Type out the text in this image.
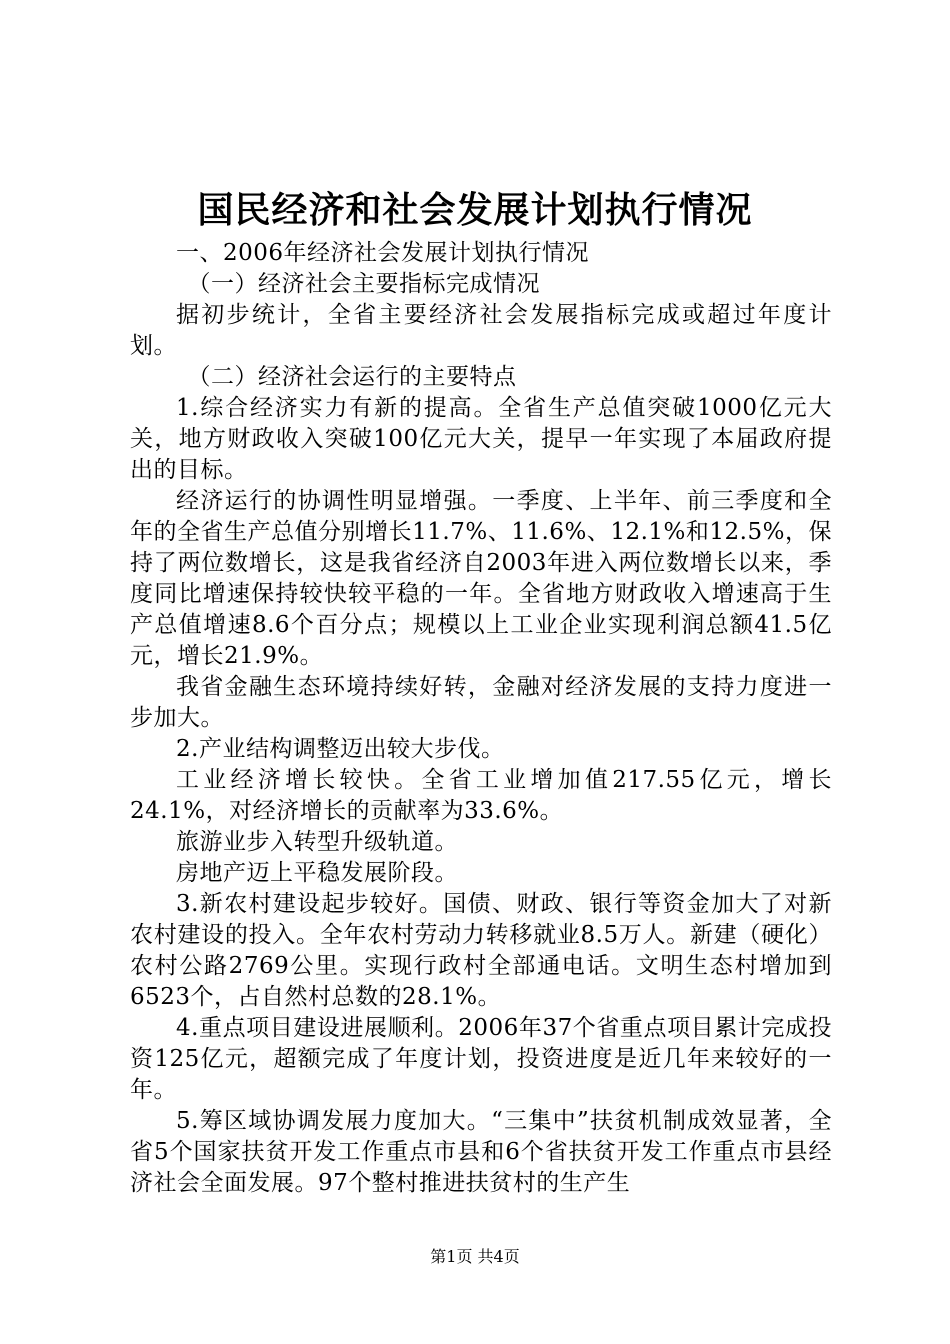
国民经济和社会发展计划执行情况

一、2006年经济社会发展计划执行情况

（一）经济社会主要指标完成情况

据初步统计，全省主要经济社会发展指标完成或超过年度计划。

（二）经济社会运行的主要特点

1.综合经济实力有新的提高。全省生产总值突破1000亿元大关，地方财政收入突破100亿元大关，提早一年实现了本届政府提出的目标。

经济运行的协调性明显增强。一季度、上半年、前三季度和全年的全省生产总值分别增长11.7%、11.6%、12.1%和12.5%，保持了两位数增长，这是我省经济自2003年进入两位数增长以来，季度同比增速保持较快较平稳的一年。全省地方财政收入增速高于生产总值增速8.6个百分点；规模以上工业企业实现利润总额41.5亿元，增长21.9%。

我省金融生态环境持续好转，金融对经济发展的支持力度进一步加大。

2.产业结构调整迈出较大步伐。

工业经济增长较快。全省工业增加值217.55亿元，增长24.1%，对经济增长的贡献率为33.6%。

旅游业步入转型升级轨道。

房地产迈上平稳发展阶段。

3.新农村建设起步较好。国债、财政、银行等资金加大了对新农村建设的投入。全年农村劳动力转移就业8.5万人。新建（硬化）农村公路2769公里。实现行政村全部通电话。文明生态村增加到6523个，占自然村总数的28.1%。

4.重点项目建设进展顺利。2006年37个省重点项目累计完成投资125亿元，超额完成了年度计划，投资进度是近几年来较好的一年。

5.筹区域协调发展力度加大。“三集中”扶贫机制成效显著，全省5个国家扶贫开发工作重点市县和6个省扶贫开发工作重点市县经济社会全面发展。97个整村推进扶贫村的生产生

第1页 共4页
